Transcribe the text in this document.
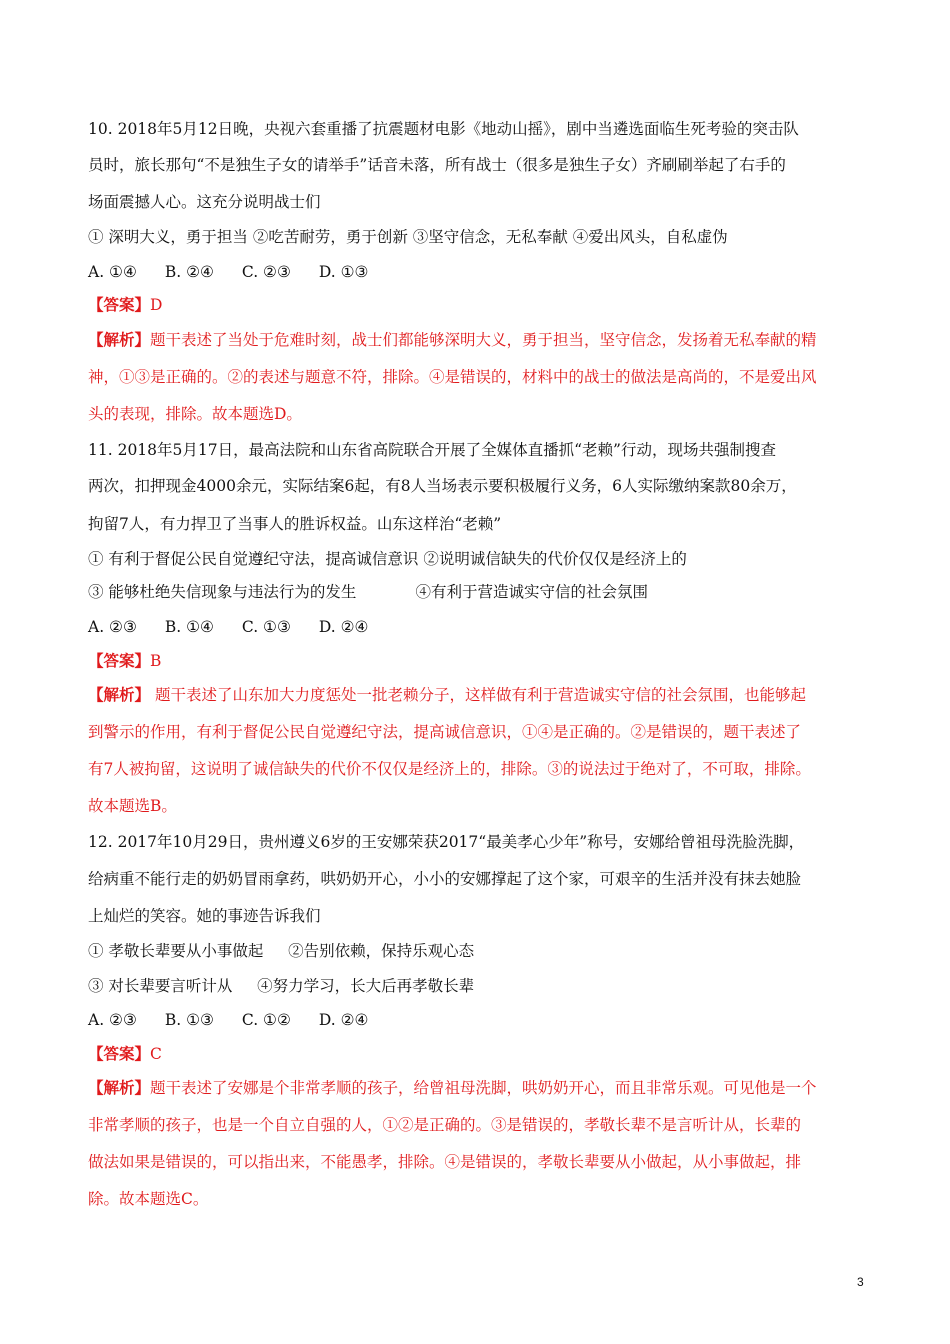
10. 2018年5月12日晚，央视六套重播了抗震题材电影《地动山摇》，剧中当遴选面临生死考验的突击队
员时，旅长那句“不是独生子女的请举手”话音未落，所有战士（很多是独生子女）齐刷刷举起了右手的
场面震撼人心。这充分说明战士们
① 深明大义，勇于担当 ②吃苦耐劳，勇于创新 ③坚守信念，无私奉献 ④爱出风头，自私虚伪
A. ①④ B. ②④ C. ②③ D. ①③
【答案】D
【解析】题干表述了当处于危难时刻，战士们都能够深明大义，勇于担当，坚守信念，发扬着无私奉献的精
神，①③是正确的。②的表述与题意不符，排除。④是错误的，材料中的战士的做法是高尚的，不是爱出风
头的表现，排除。故本题选D。
11. 2018年5月17日，最高法院和山东省高院联合开展了全媒体直播抓“老赖”行动，现场共强制搜查
两次，扣押现金4000余元，实际结案6起，有8人当场表示要积极履行义务，6人实际缴纳案款80余万，
拘留7人，有力捍卫了当事人的胜诉权益。山东这样治“老赖”
① 有利于督促公民自觉遵纪守法，提高诚信意识 ②说明诚信缺失的代价仅仅是经济上的
③ 能够杜绝失信现象与违法行为的发生            ④有利于营造诚实守信的社会氛围
A. ②③ B. ①④ C. ①③ D. ②④
【答案】B
【解析】 题干表述了山东加大力度惩处一批老赖分子，这样做有利于营造诚实守信的社会氛围，也能够起
到警示的作用，有利于督促公民自觉遵纪守法，提高诚信意识，①④是正确的。②是错误的，题干表述了
有7人被拘留，这说明了诚信缺失的代价不仅仅是经济上的，排除。③的说法过于绝对了，不可取，排除。
故本题选B。
12. 2017年10月29日，贵州遵义6岁的王安娜荣获2017“最美孝心少年”称号，安娜给曾祖母洗脸洗脚，
给病重不能行走的奶奶冒雨拿药，哄奶奶开心，小小的安娜撑起了这个家，可艰辛的生活并没有抹去她脸
上灿烂的笑容。她的事迹告诉我们
① 孝敬长辈要从小事做起     ②告别依赖，保持乐观心态
③ 对长辈要言听计从     ④努力学习，长大后再孝敬长辈
A. ②③ B. ①③ C. ①② D. ②④
【答案】C
【解析】题干表述了安娜是个非常孝顺的孩子，给曾祖母洗脚，哄奶奶开心，而且非常乐观。可见他是一个
非常孝顺的孩子，也是一个自立自强的人，①②是正确的。③是错误的，孝敬长辈不是言听计从，长辈的
做法如果是错误的，可以指出来，不能愚孝，排除。④是错误的，孝敬长辈要从小做起，从小事做起，排
除。故本题选C。
3
